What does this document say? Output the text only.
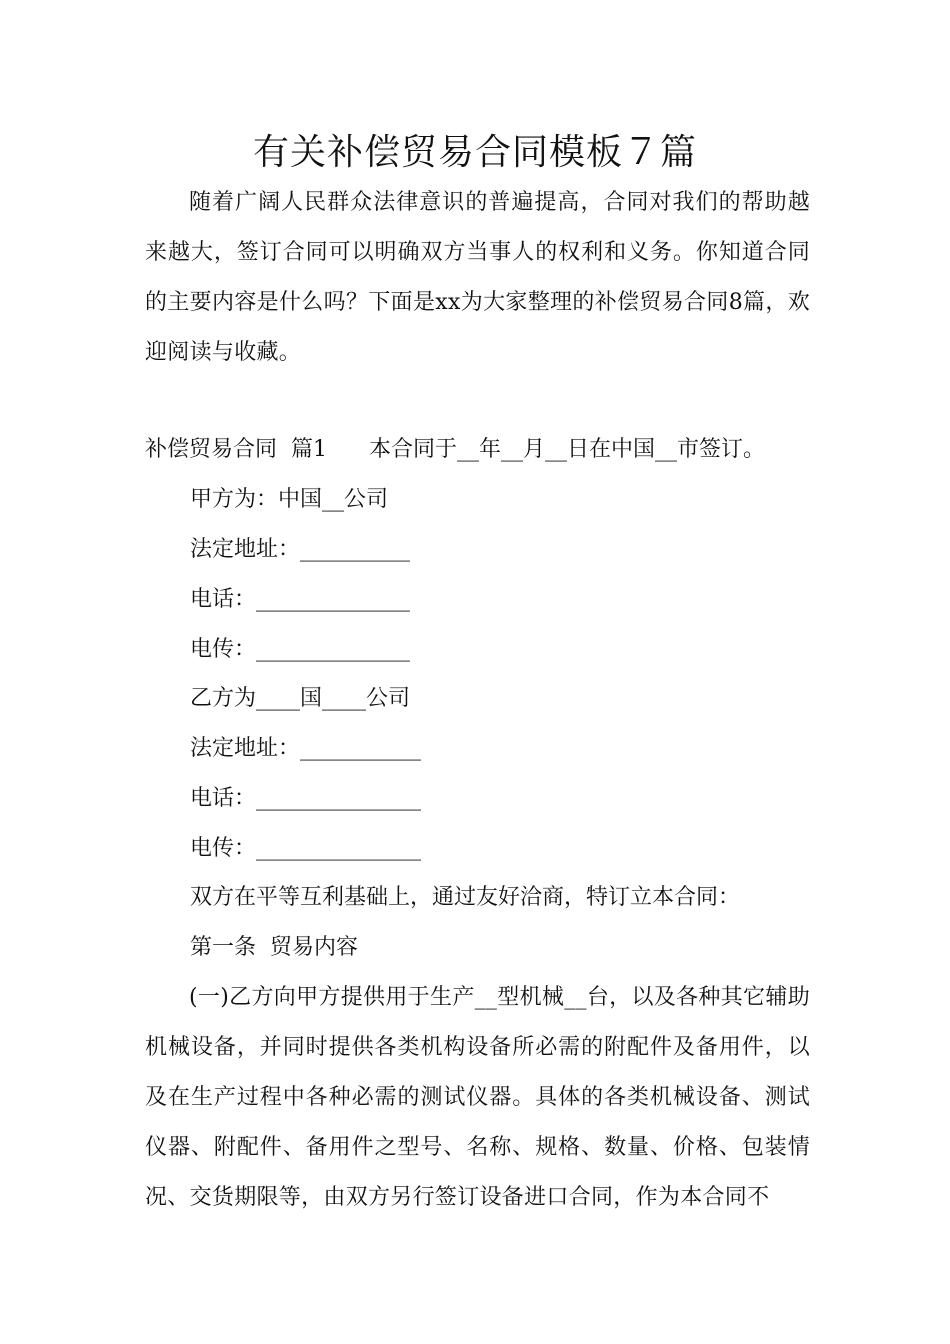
有关补偿贸易合同模板７篇

随着广阔人民群众法律意识的普遍提高，合同对我们的帮助越来越大，签订合同可以明确双方当事人的权利和义务。你知道合同的主要内容是什么吗？下面是xx为大家整理的补偿贸易合同8篇，欢迎阅读与收藏。

补偿贸易合同  篇1      本合同于__年__月__日在中国__市签订。

甲方为：中国__公司

法定地址：__________

电话：______________

电传：______________

乙方为____国____公司

法定地址：___________

电话：_______________

电传：_______________

双方在平等互利基础上，通过友好洽商，特订立本合同：

第一条  贸易内容

(一)乙方向甲方提供用于生产__型机械__台，以及各种其它辅助机械设备，并同时提供各类机构设备所必需的附配件及备用件，以及在生产过程中各种必需的测试仪器。具体的各类机械设备、测试仪器、附配件、备用件之型号、名称、规格、数量、价格、包装情况、交货期限等，由双方另行签订设备进口合同，作为本合同不
